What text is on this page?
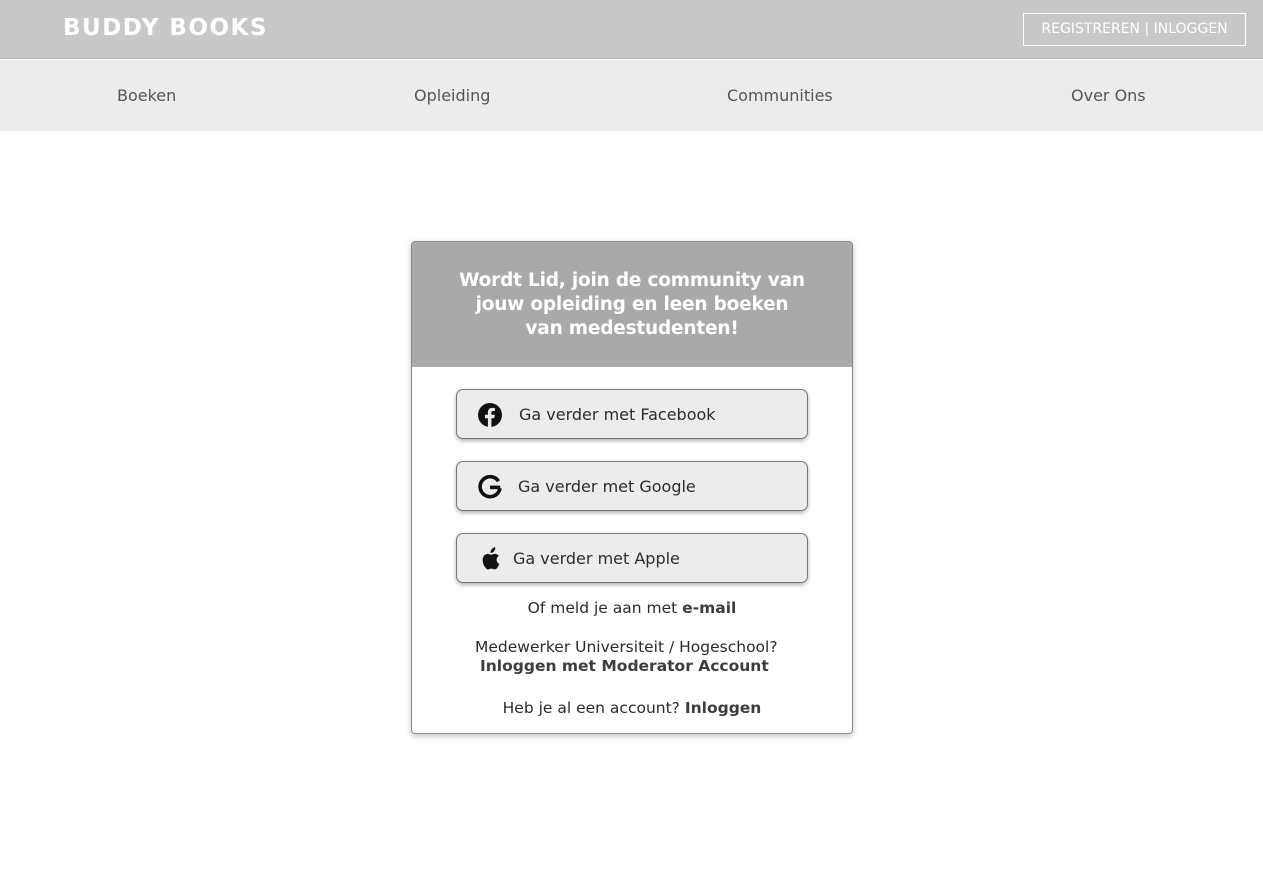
BUDDY BOOKS	REGISTREREN | INLOGGEN
Boeken	Opleiding	Communities	Over Ons
Wordt Lid, join de community van jouw opleiding en leen boeken van medestudenten!
Ga verder met Facebook
Ga verder met Google
Ga verder met Apple
Of meld je aan met e-mail
Medewerker Universiteit / Hogeschool?
Inloggen met Moderator Account
Heb je al een account? Inloggen
